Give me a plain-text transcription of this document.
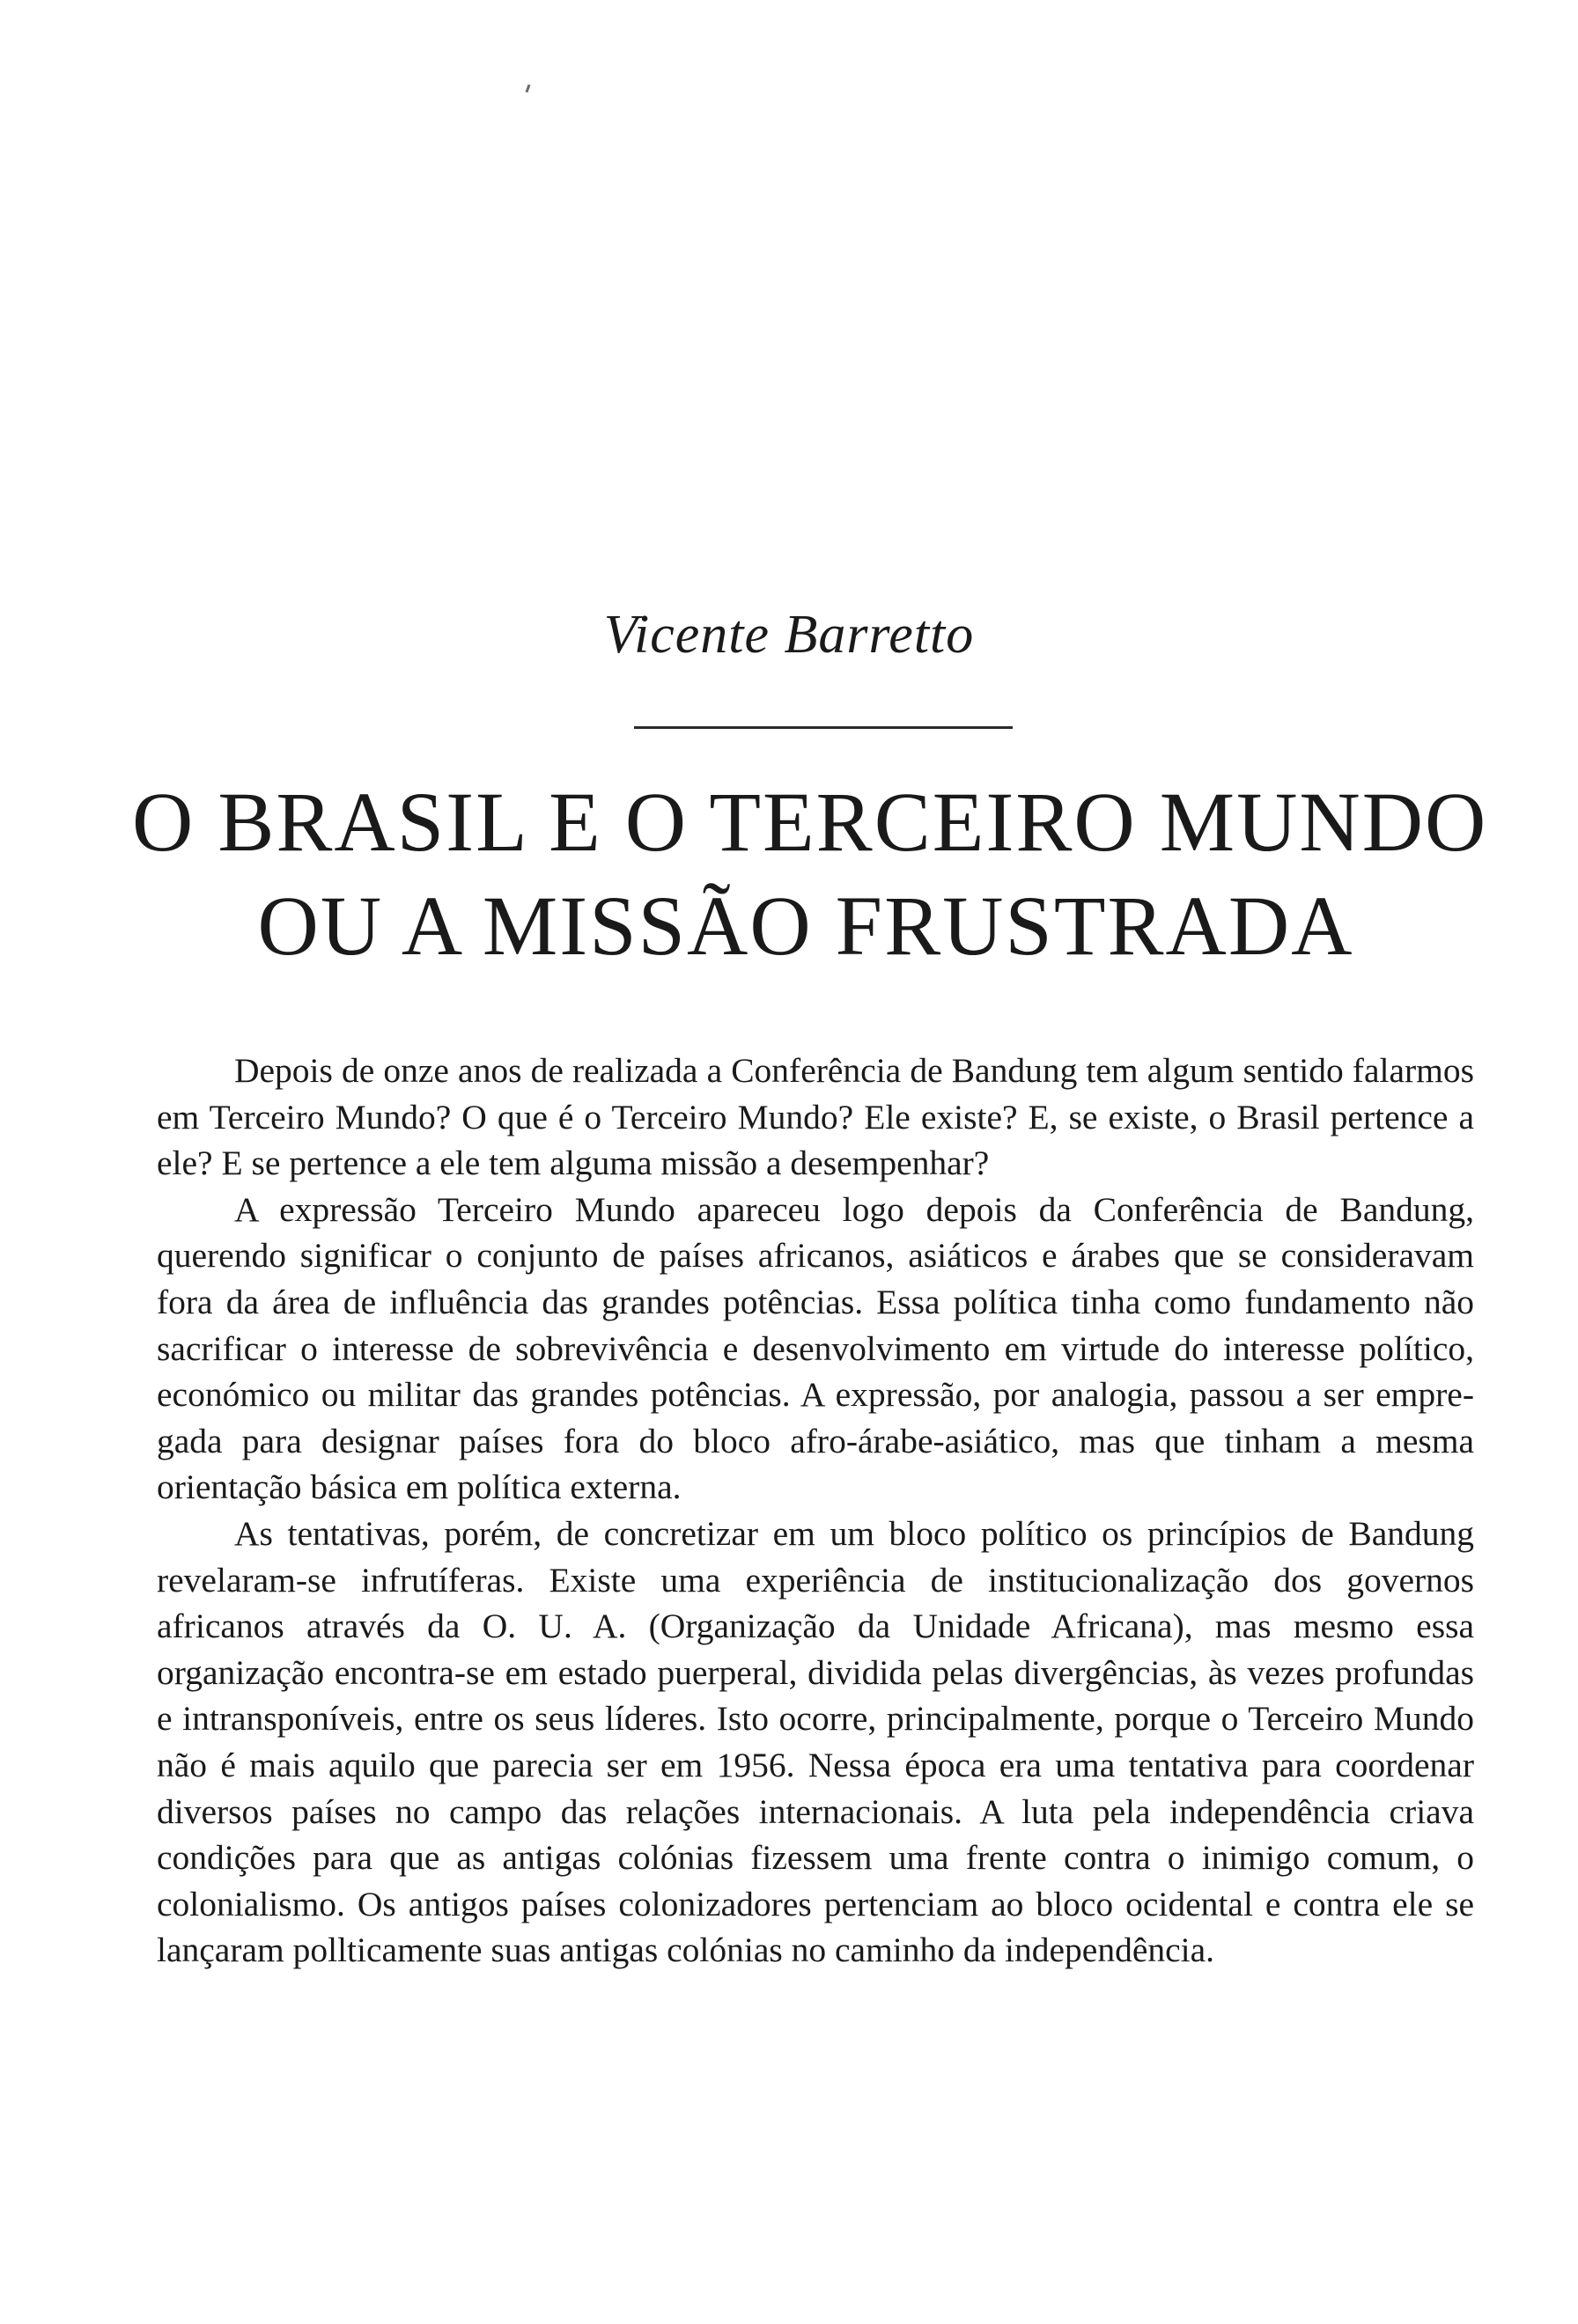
Vicente Barretto
O BRASIL E O TERCEIRO MUNDO
OU A MISSÃO FRUSTRADA

Depois de onze anos de realizada a Conferência de Bandung tem algum sentido falarmos em Terceiro Mundo? O que é o Terceiro Mundo? Ele existe? E, se existe, o Brasil pertence a ele? E se pertence a ele tem alguma missão a desempenhar?

A expressão Terceiro Mundo apareceu logo depois da Conferência de Bandung, querendo significar o conjunto de países africanos, asiáticos e árabes que se consideravam fora da área de influência das grandes potências. Essa política tinha como fundamento não sacrificar o interesse de sobrevivência e desenvolvimento em virtude do interesse político, económico ou militar das grandes potências. A expressão, por analogia, passou a ser empregada para designar países fora do bloco afro-árabe-asiático, mas que tinham a mesma orientação básica em política externa.

As tentativas, porém, de concretizar em um bloco político os princípios de Bandung revelaram-se infrutíferas. Existe uma experiência de institucionalização dos governos africanos através da O. U. A. (Organização da Unidade Africana), mas mesmo essa organização encontra-se em estado puerperal, dividida pelas divergências, às vezes profundas e intransponíveis, entre os seus líderes. Isto ocorre, principalmente, porque o Terceiro Mundo não é mais aquilo que parecia ser em 1956. Nessa época era uma tentativa para coordenar diversos países no campo das relações internacionais. A luta pela independência criava condições para que as antigas colónias fizessem uma frente contra o inimigo comum, o colonialismo. Os antigos países colonizadores pertenciam ao bloco ocidental e contra ele se lançaram pollticamente suas antigas colónias no caminho da independência.
